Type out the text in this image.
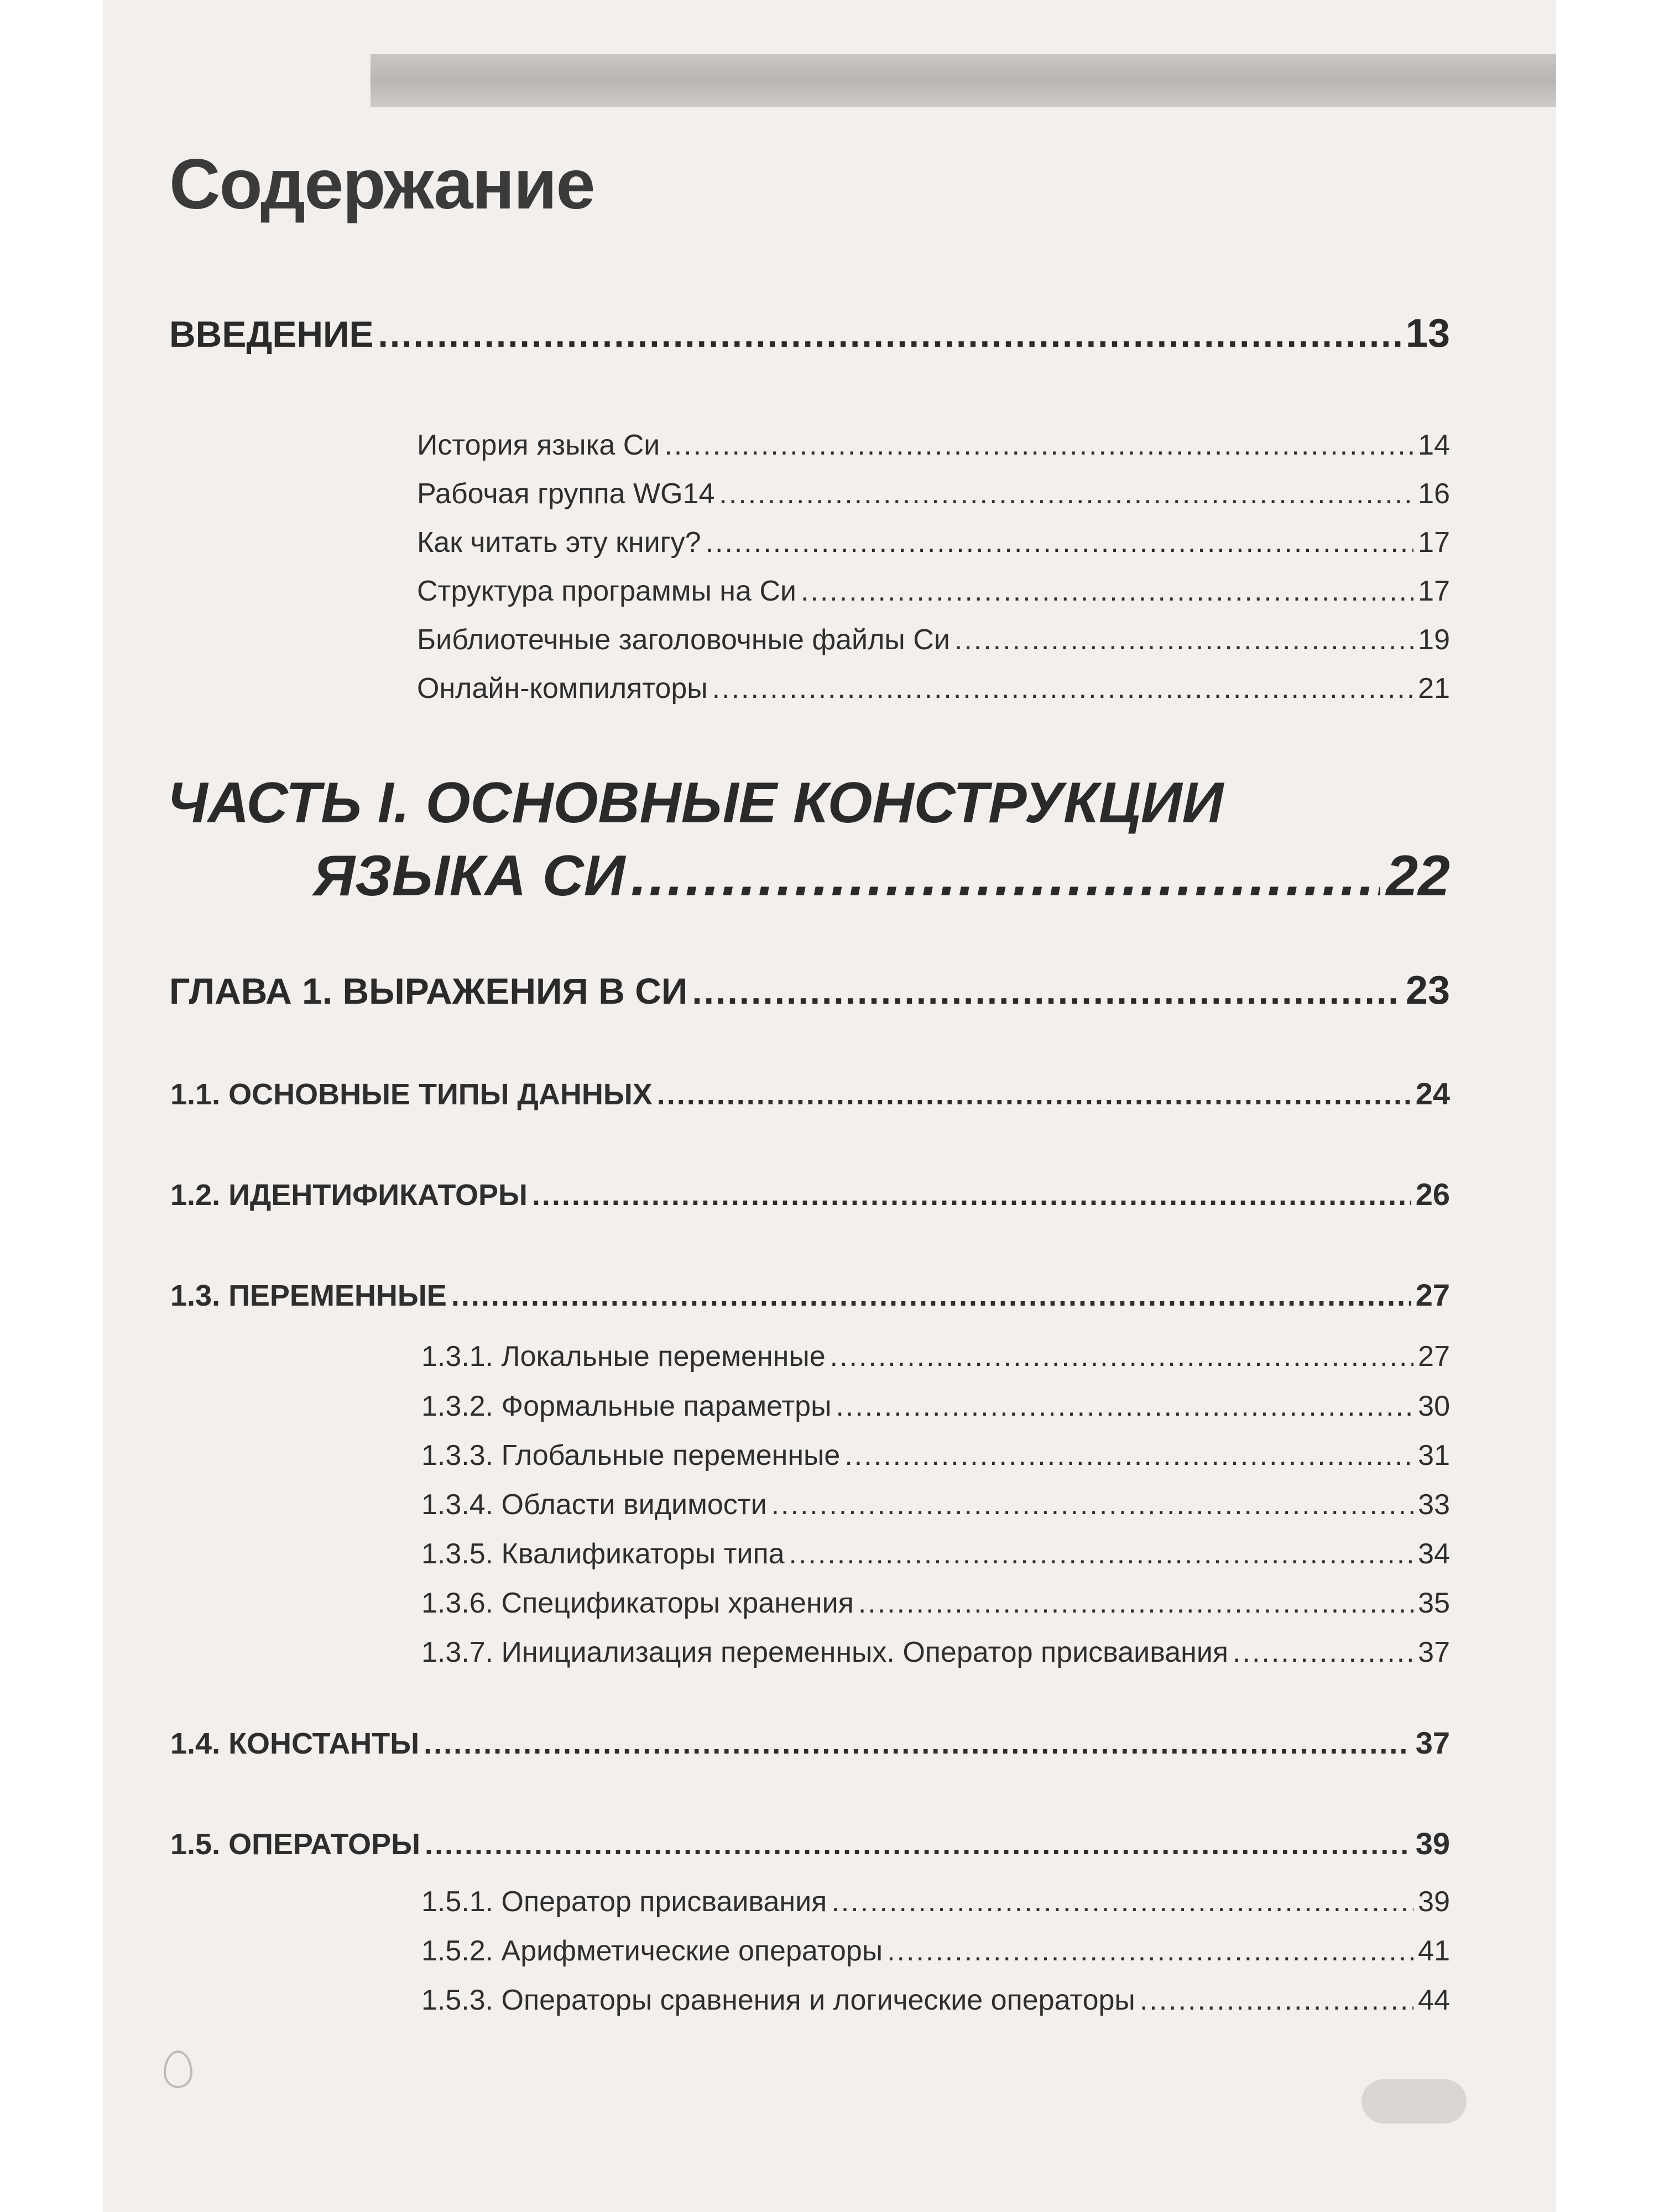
Содержание
ВВЕДЕНИЕ .....	13
История языка Си .....	14
Рабочая группа WG14 .....	16
Как читать эту книгу? .....	17
Структура программы на Си .....	17
Библиотечные заголовочные файлы Си .....	19
Онлайн-компиляторы .....	21
ЧАСТЬ I. ОСНОВНЫЕ КОНСТРУКЦИИ
ЯЗЫКА СИ .....	22
ГЛАВА 1. ВЫРАЖЕНИЯ В СИ .....	23
1.1. ОСНОВНЫЕ ТИПЫ ДАННЫХ .....	24
1.2. ИДЕНТИФИКАТОРЫ .....	26
1.3. ПЕРЕМЕННЫЕ .....	27
1.3.1. Локальные переменные .....	27
1.3.2. Формальные параметры .....	30
1.3.3. Глобальные переменные .....	31
1.3.4. Области видимости .....	33
1.3.5. Квалификаторы типа .....	34
1.3.6. Спецификаторы хранения .....	35
1.3.7. Инициализация переменных. Оператор присваивания .....	37
1.4. КОНСТАНТЫ .....	37
1.5. ОПЕРАТОРЫ .....	39
1.5.1. Оператор присваивания .....	39
1.5.2. Арифметические операторы .....	41
1.5.3. Операторы сравнения и логические операторы .....	44
